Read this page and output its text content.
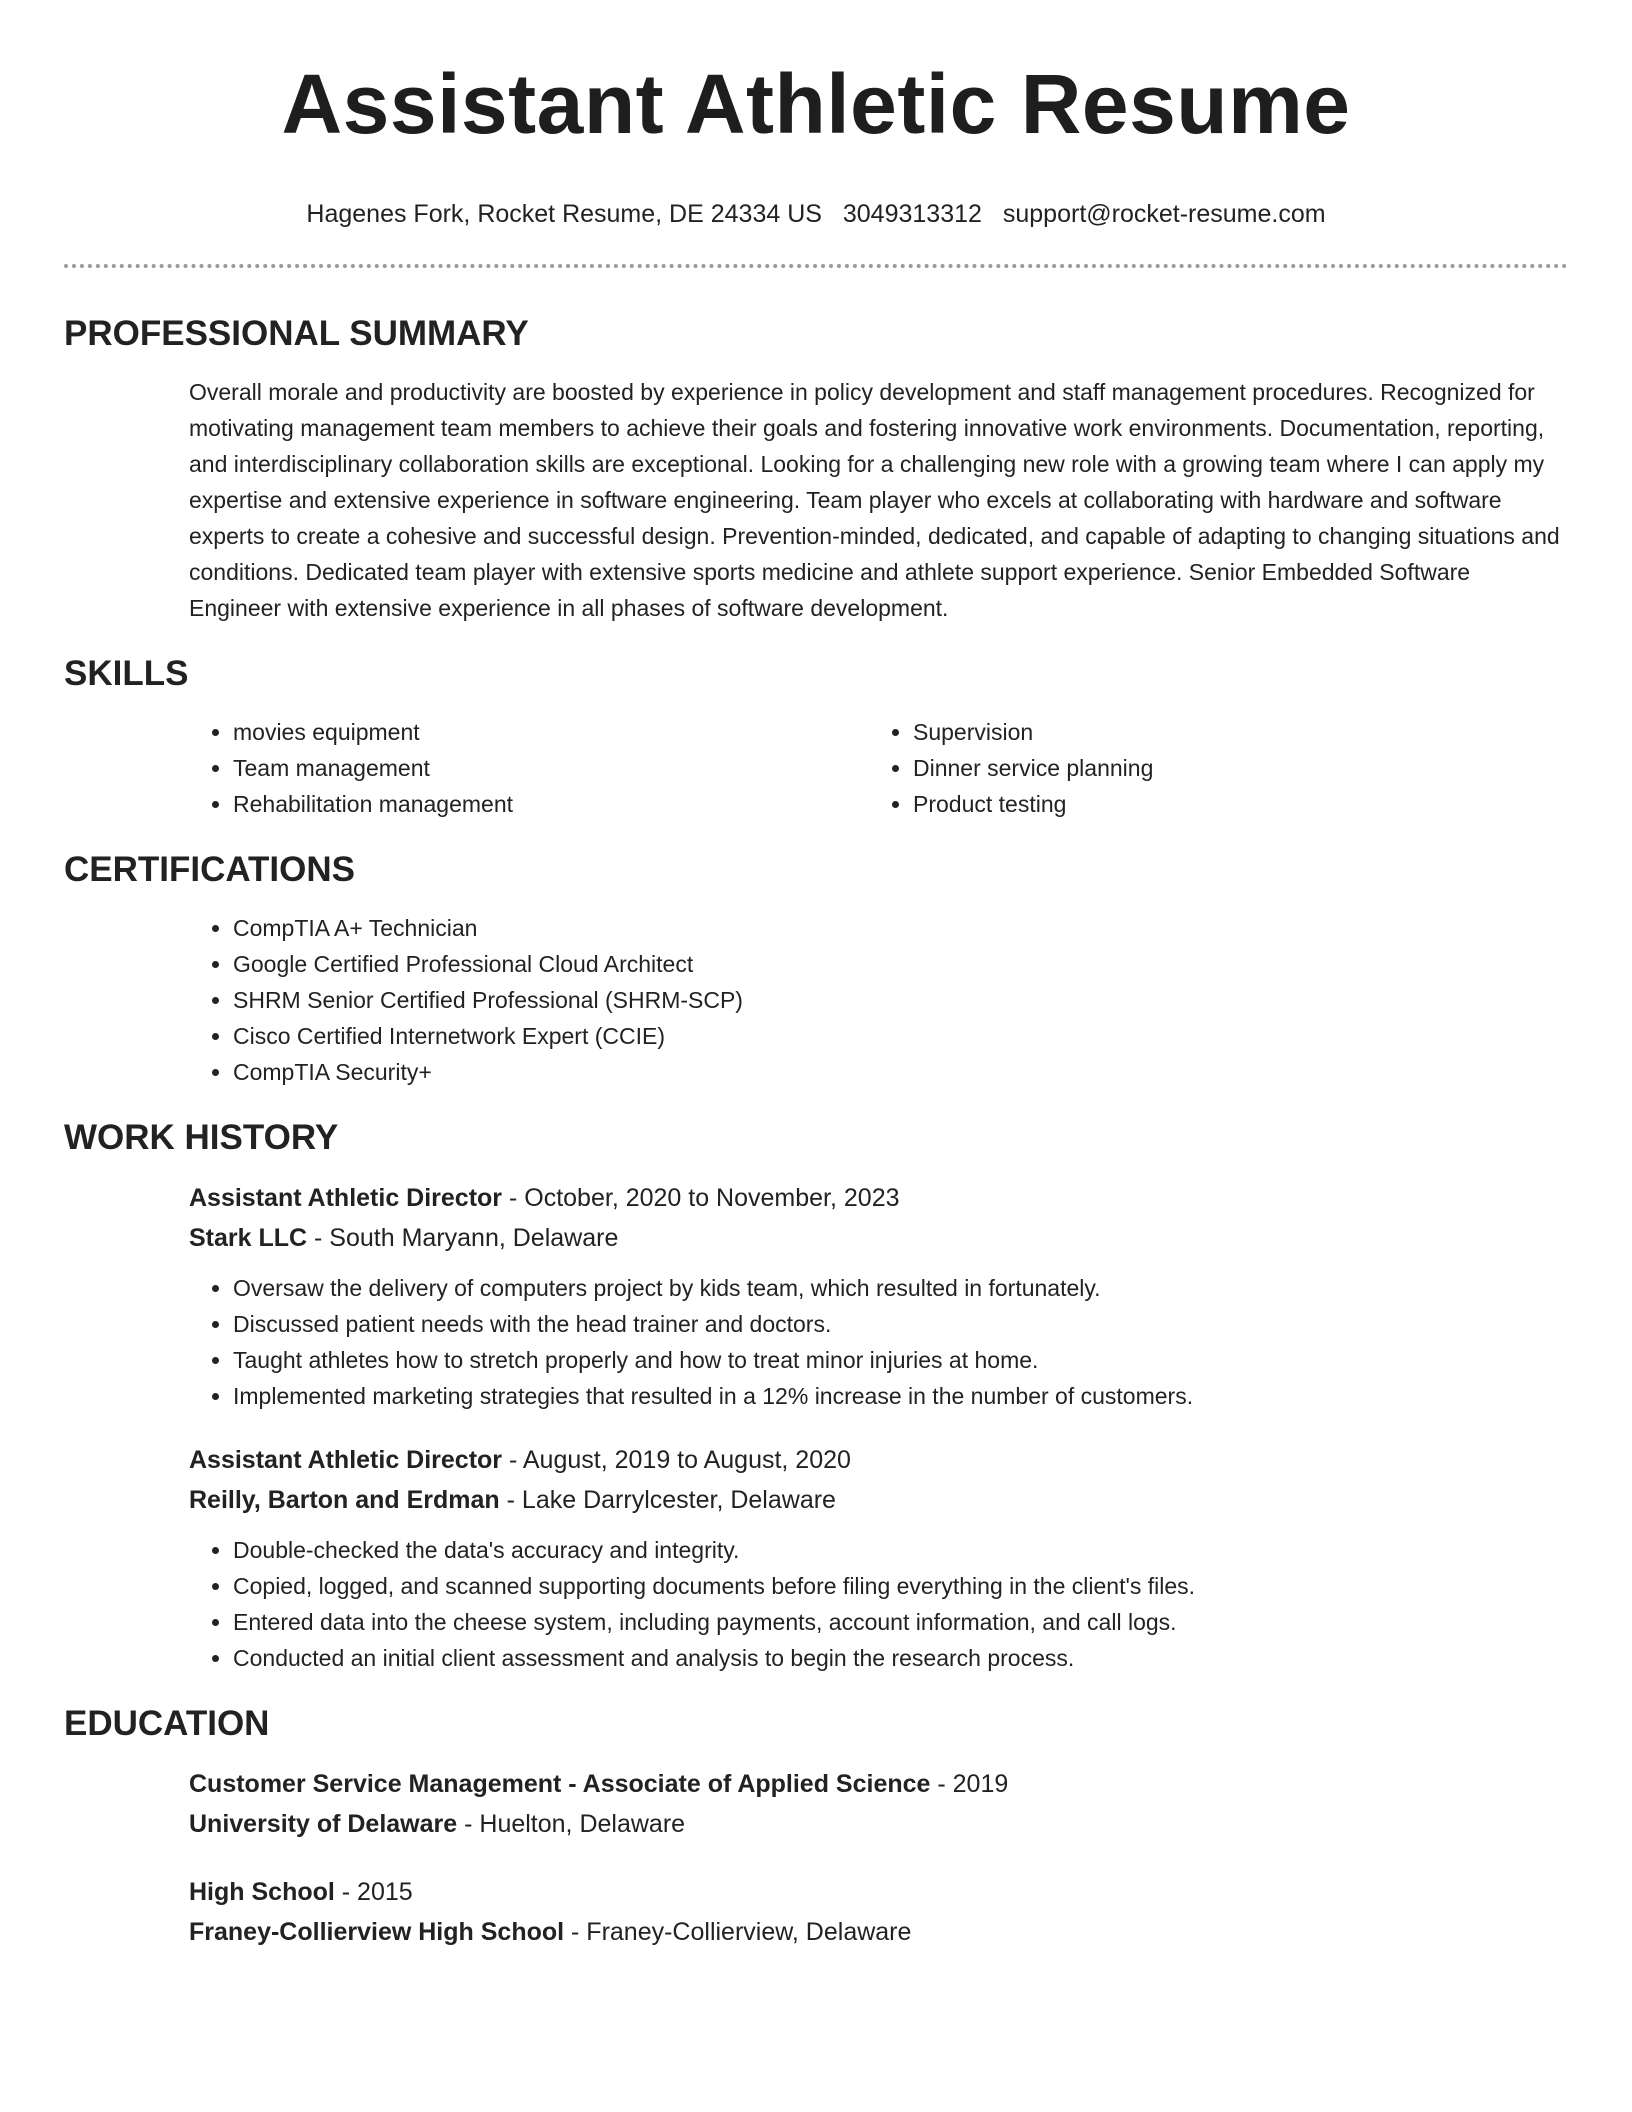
Assistant Athletic Resume
Hagenes Fork, Rocket Resume, DE 24334 US 3049313312 support@rocket-resume.com
PROFESSIONAL SUMMARY

Overall morale and productivity are boosted by experience in policy development and staff management procedures. Recognized for motivating management team members to achieve their goals and fostering innovative work environments. Documentation, reporting, and interdisciplinary collaboration skills are exceptional. Looking for a challenging new role with a growing team where I can apply my expertise and extensive experience in software engineering. Team player who excels at collaborating with hardware and software experts to create a cohesive and successful design. Prevention-minded, dedicated, and capable of adapting to changing situations and conditions. Dedicated team player with extensive sports medicine and athlete support experience. Senior Embedded Software Engineer with extensive experience in all phases of software development.

SKILLS
• movies equipment
• Team management
• Rehabilitation management
• Supervision
• Dinner service planning
• Product testing
CERTIFICATIONS
• CompTIA A+ Technician
• Google Certified Professional Cloud Architect
• SHRM Senior Certified Professional (SHRM-SCP)
• Cisco Certified Internetwork Expert (CCIE)
• CompTIA Security+
WORK HISTORY
Assistant Athletic Director - October, 2020 to November, 2023
Stark LLC - South Maryann, Delaware
• Oversaw the delivery of computers project by kids team, which resulted in fortunately.
• Discussed patient needs with the head trainer and doctors.
• Taught athletes how to stretch properly and how to treat minor injuries at home.
• Implemented marketing strategies that resulted in a 12% increase in the number of customers.
Assistant Athletic Director - August, 2019 to August, 2020
Reilly, Barton and Erdman - Lake Darrylcester, Delaware
• Double-checked the data's accuracy and integrity.
• Copied, logged, and scanned supporting documents before filing everything in the client's files.
• Entered data into the cheese system, including payments, account information, and call logs.
• Conducted an initial client assessment and analysis to begin the research process.
EDUCATION
Customer Service Management - Associate of Applied Science - 2019
University of Delaware - Huelton, Delaware
High School - 2015
Franey-Collierview High School - Franey-Collierview, Delaware
